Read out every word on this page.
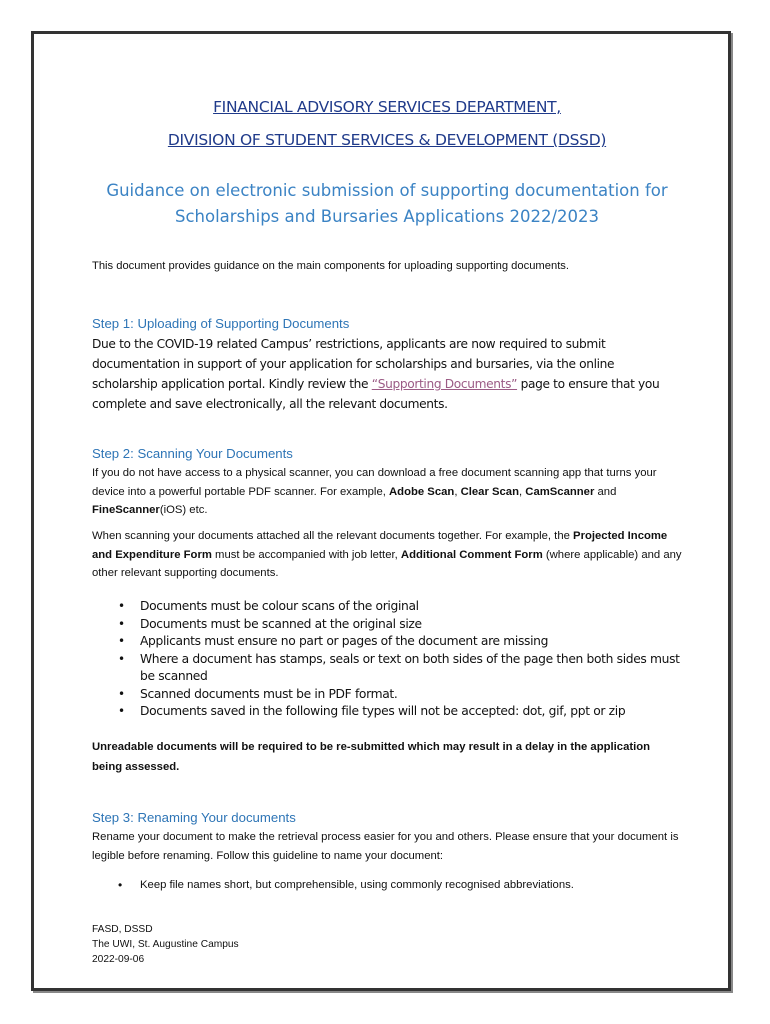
FINANCIAL ADVISORY SERVICES DEPARTMENT,
DIVISION OF STUDENT SERVICES & DEVELOPMENT (DSSD)
Guidance on electronic submission of supporting documentation for
Scholarships and Bursaries Applications 2022/2023
This document provides guidance on the main components for uploading supporting documents.
Step 1: Uploading of Supporting Documents

Due to the COVID-19 related Campus’ restrictions, applicants are now required to submit documentation in support of your application for scholarships and bursaries, via the online scholarship application portal. Kindly review the “Supporting Documents” page to ensure that you complete and save electronically, all the relevant documents.

Step 2: Scanning Your Documents

If you do not have access to a physical scanner, you can download a free document scanning app that turns your device into a powerful portable PDF scanner. For example, Adobe Scan, Clear Scan, CamScanner and FineScanner(iOS) etc.

When scanning your documents attached all the relevant documents together. For example, the Projected Income and Expenditure Form must be accompanied with job letter, Additional Comment Form (where applicable) and any other relevant supporting documents.

• Documents must be colour scans of the original
• Documents must be scanned at the original size
• Applicants must ensure no part or pages of the document are missing
• Where a document has stamps, seals or text on both sides of the page then both sides must be scanned
• Scanned documents must be in PDF format.
• Documents saved in the following file types will not be accepted: dot, gif, ppt or zip

Unreadable documents will be required to be re-submitted which may result in a delay in the application being assessed.

Step 3: Renaming Your documents

Rename your document to make the retrieval process easier for you and others. Please ensure that your document is legible before renaming. Follow this guideline to name your document:

• Keep file names short, but comprehensible, using commonly recognised abbreviations.
FASD, DSSD
The UWI, St. Augustine Campus
2022-09-06
